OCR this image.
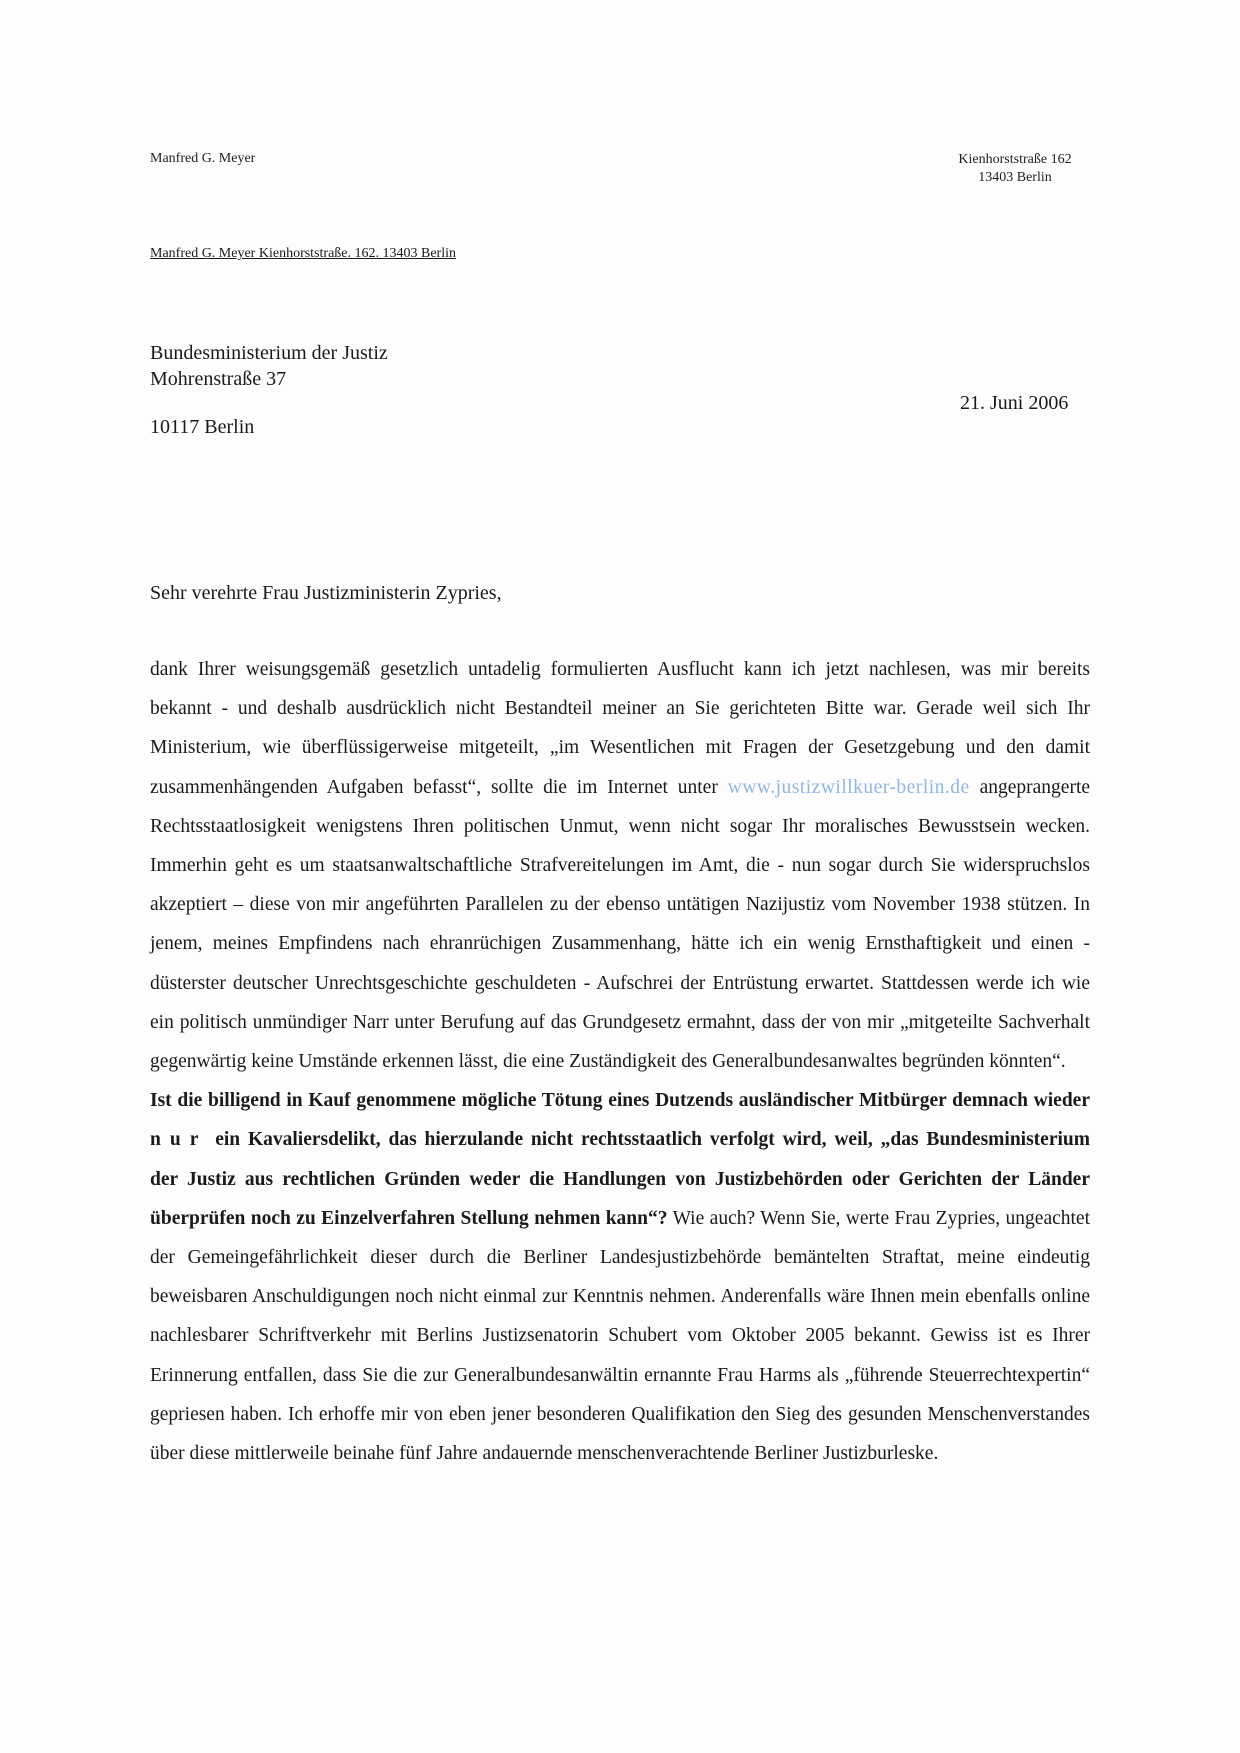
Manfred G. Meyer	Kienhorststraße 162
13403 Berlin
Manfred G. Meyer Kienhorststraße. 162. 13403 Berlin
Bundesministerium der Justiz
Mohrenstraße 37
10117 Berlin
21. Juni 2006
Sehr verehrte Frau Justizministerin Zypries,

dank Ihrer weisungsgemäß gesetzlich untadelig formulierten Ausflucht kann ich jetzt nachlesen, was mir bereits bekannt - und deshalb ausdrücklich nicht Bestandteil meiner an Sie gerichteten Bitte war. Gerade weil sich Ihr Ministerium, wie überflüssigerweise mitgeteilt, „im Wesentlichen mit Fragen der Gesetzgebung und den damit zusammenhängenden Aufgaben befasst“, sollte die im Internet unter www.justizwillkuer-berlin.de angeprangerte Rechtsstaatlosigkeit wenigstens Ihren politischen Unmut, wenn nicht sogar Ihr moralisches Bewusstsein wecken. Immerhin geht es um staatsanwaltschaftliche Strafvereitelungen im Amt, die - nun sogar durch Sie widerspruchslos akzeptiert – diese von mir angeführten Parallelen zu der ebenso untätigen Nazijustiz vom November 1938 stützen. In jenem, meines Empfindens nach ehranrüchigen Zusammenhang, hätte ich ein wenig Ernsthaftigkeit und einen - düsterster deutscher Unrechtsgeschichte geschuldeten - Aufschrei der Entrüstung erwartet. Stattdessen werde ich wie ein politisch unmündiger Narr unter Berufung auf das Grundgesetz ermahnt, dass der von mir „mitgeteilte Sachverhalt gegenwärtig keine Umstände erkennen lässt, die eine Zuständigkeit des Generalbundesanwaltes begründen könnten“.

Ist die billigend in Kauf genommene mögliche Tötung eines Dutzends ausländischer Mitbürger demnach wieder nur ein Kavaliersdelikt, das hierzulande nicht rechtsstaatlich verfolgt wird, weil, „das Bundesministerium der Justiz aus rechtlichen Gründen weder die Handlungen von Justizbehörden oder Gerichten der Länder überprüfen noch zu Einzelverfahren Stellung nehmen kann“? Wie auch? Wenn Sie, werte Frau Zypries, ungeachtet der Gemeingefährlichkeit dieser durch die Berliner Landesjustizbehörde bemäntelten Straftat, meine eindeutig beweisbaren Anschuldigungen noch nicht einmal zur Kenntnis nehmen. Anderenfalls wäre Ihnen mein ebenfalls online nachlesbarer Schriftverkehr mit Berlins Justizsenatorin Schubert vom Oktober 2005 bekannt. Gewiss ist es Ihrer Erinnerung entfallen, dass Sie die zur Generalbundesanwältin ernannte Frau Harms als „führende Steuerrechtexpertin“ gepriesen haben. Ich erhoffe mir von eben jener besonderen Qualifikation den Sieg des gesunden Menschenverstandes über diese mittlerweile beinahe fünf Jahre andauernde menschenverachtende Berliner Justizburleske.
